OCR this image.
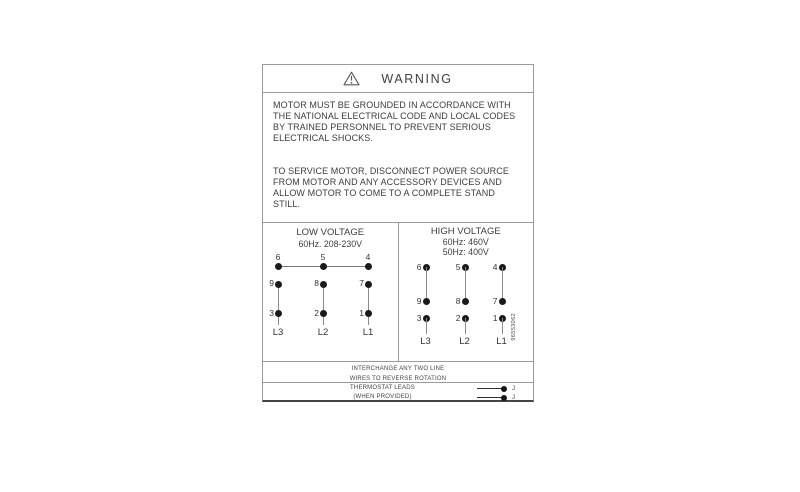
WARNING

MOTOR MUST BE GROUNDED IN ACCORDANCE WITH THE NATIONAL ELECTRICAL CODE AND LOCAL CODES BY TRAINED PERSONNEL TO PREVENT SERIOUS ELECTRICAL SHOCKS.

TO SERVICE MOTOR, DISCONNECT POWER SOURCE FROM MOTOR AND ANY ACCESSORY DEVICES AND ALLOW MOTOR TO COME TO A COMPLETE STAND STILL.

LOW VOLTAGE
60Hz. 208-230V
6	5	4
9	8	7
3	2	1
L3	L2	L1
HIGH VOLTAGE
60Hz: 460V
50Hz: 400V
6	5	4
9	8	7
3	2	1
L3	L2	L1
96553062
INTERCHANGE ANY TWO LINE
WIRES TO REVERSE ROTATION
THERMOSTAT LEADS
(WHEN PROVIDED)
J
J
